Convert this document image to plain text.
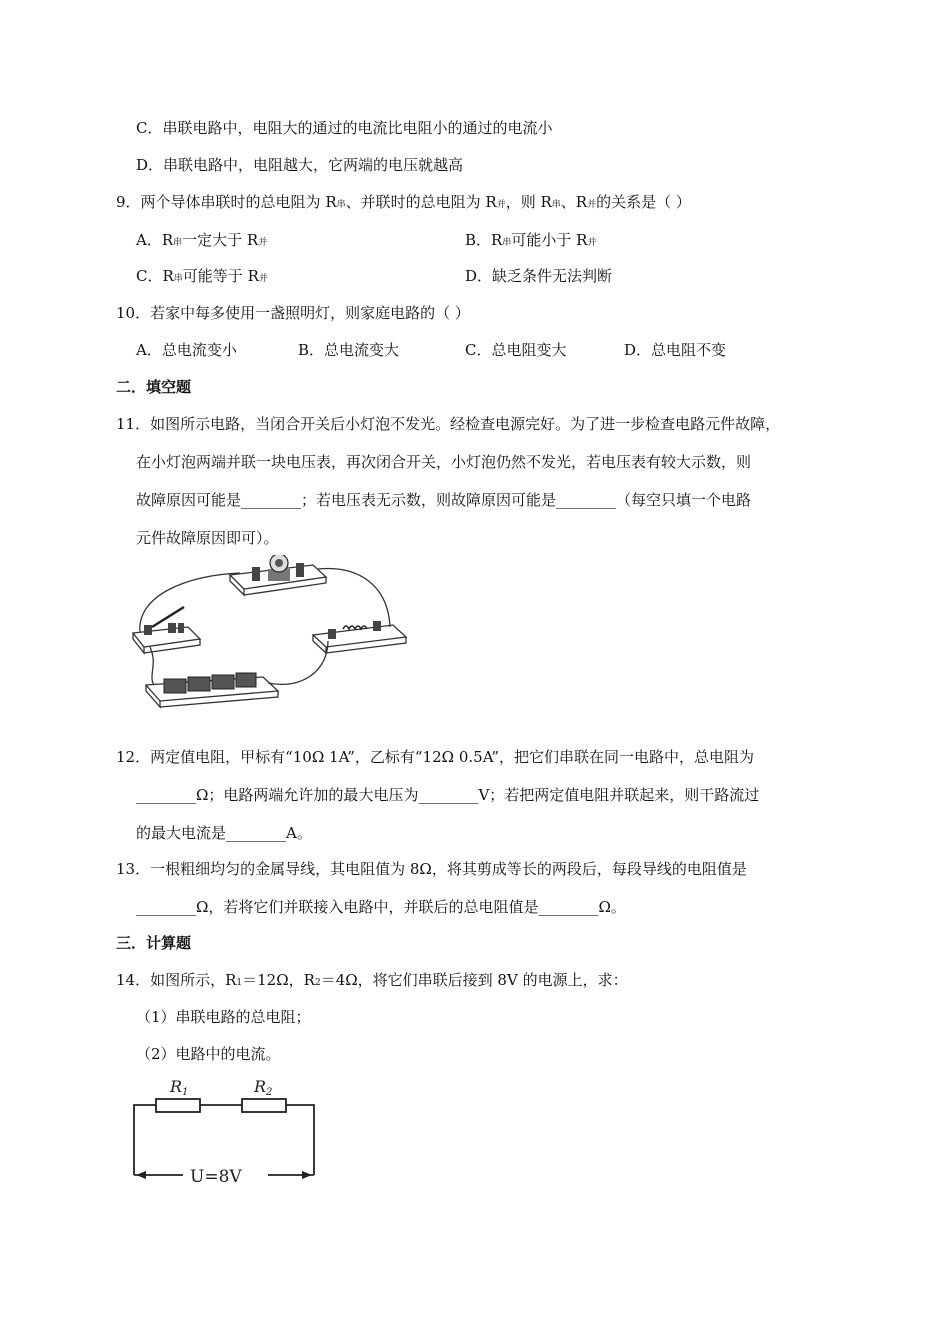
C．串联电路中，电阻大的通过的电流比电阻小的通过的电流小
D．串联电路中，电阻越大，它两端的电压就越高
9．两个导体串联时的总电阻为 R串、并联时的总电阻为 R并，则 R串、R并的关系是（ ）
A．R串一定大于 R并	B．R串可能小于 R并
C．R串可能等于 R并	D．缺乏条件无法判断
10．若家中每多使用一盏照明灯，则家庭电路的（ ）
A．总电流变小	B．总电流变大	C．总电阻变大	D．总电阻不变
二．填空题
11．如图所示电路，当闭合开关后小灯泡不发光。经检查电源完好。为了进一步检查电路元件故障，
在小灯泡两端并联一块电压表，再次闭合开关，小灯泡仍然不发光，若电压表有较大示数，则
故障原因可能是________；若电压表无示数，则故障原因可能是________（每空只填一个电路
元件故障原因即可）。
12．两定值电阻，甲标有“10Ω 1A”，乙标有“12Ω 0.5A”，把它们串联在同一电路中，总电阻为
________Ω；电路两端允许加的最大电压为________V；若把两定值电阻并联起来，则干路流过
的最大电流是________A。
13．一根粗细均匀的金属导线，其电阻值为 8Ω，将其剪成等长的两段后，每段导线的电阻值是
________Ω，若将它们并联接入电路中，并联后的总电阻值是________Ω。
三．计算题
14．如图所示，R1＝12Ω，R2＝4Ω，将它们串联后接到 8V 的电源上，求：
（1）串联电路的总电阻；
（2）电路中的电流。
R1	R2
U=8V
